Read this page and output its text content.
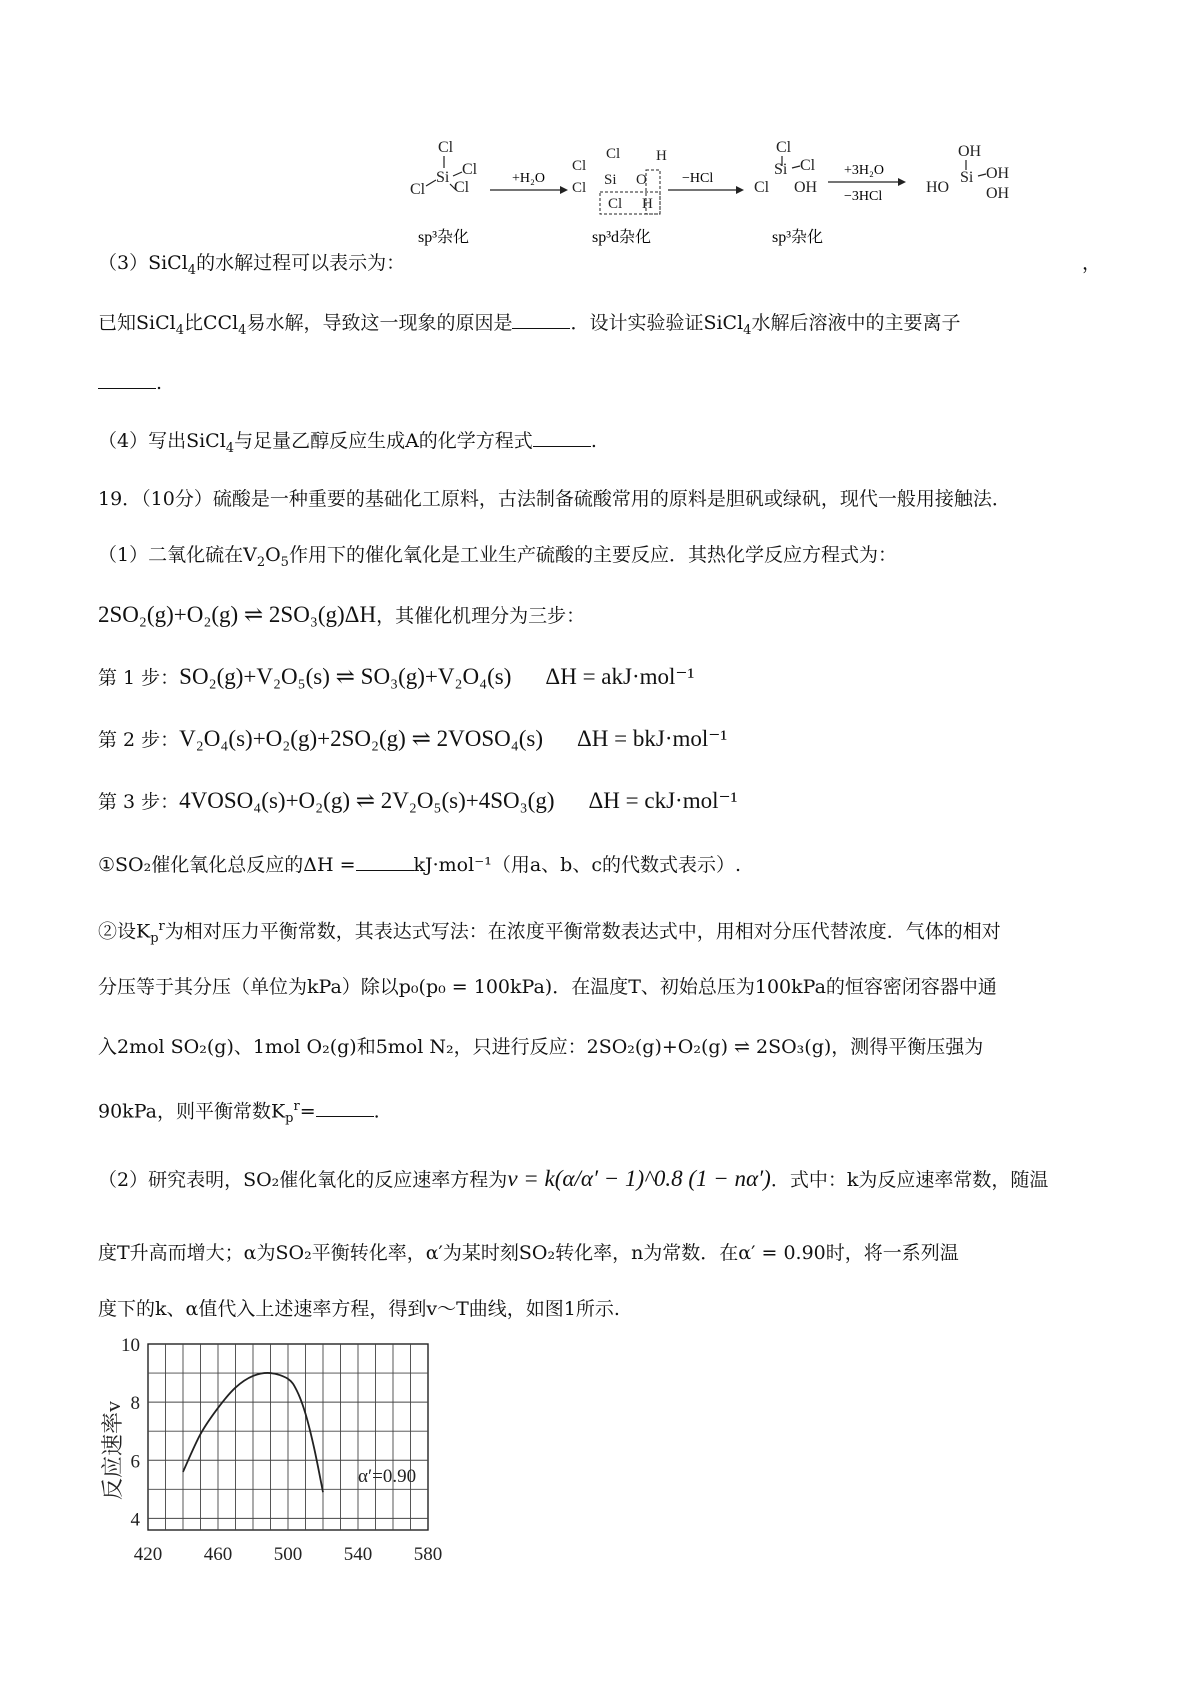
Cl
Si Cl
Cl Cl
+H₂O
Cl
Cl
Cl Si O
H
Cl H
−HCl
Cl
Si Cl
Cl OH
+3H₂O
−3HCl
OH
Si OH
HO OH
sp³杂化	sp³d杂化	sp³杂化
（3）SiCl$_4$的水解过程可以表示为：	，
已知SiCl$_4$比CCl$_4$易水解，导致这一现象的原因是	．设计实验验证SiCl$_4$水解后溶液中的主要离子
.
（4）写出SiCl$_4$与足量乙醇反应生成A的化学方程式	.
19．（10分）硫酸是一种重要的基础化工原料，古法制备硫酸常用的原料是胆矾或绿矾，现代一般用接触法．
（1）二氧化硫在$V_2O_5$作用下的催化氧化是工业生产硫酸的主要反应．其热化学反应方程式为：
2SO₂(g)+O₂(g) ⇌ 2SO₃(g)ΔH，其催化机理分为三步：
第 1 步：SO₂(g)+V₂O₅(s) ⇌ SO₃(g)+V₂O₄(s) ΔH = akJ·mol⁻¹
第 2 步：V₂O₄(s)+O₂(g)+2SO₂(g) ⇌ 2VOSO₄(s) ΔH = bkJ·mol⁻¹
第 3 步：4VOSO₄(s)+O₂(g) ⇌ 2V₂O₅(s)+4SO₃(g) ΔH = ckJ·mol⁻¹
①SO₂催化氧化总反应的ΔH =	kJ·mol⁻¹（用a、b、c的代数式表示）.
②设$K_p^r$为相对压力平衡常数，其表达式写法：在浓度平衡常数表达式中，用相对分压代替浓度．气体的相对
分压等于其分压（单位为kPa）除以p₀(p₀ = 100kPa)．在温度T、初始总压为100kPa的恒容密闭容器中通
入2mol SO₂(g)、1mol O₂(g)和5mol N₂，只进行反应：2SO₂(g)+O₂(g) ⇌ 2SO₃(g)，测得平衡压强为
90kPa，则平衡常数$K_p^r=$	.
（2）研究表明，SO₂催化氧化的反应速率方程为v = k(α/α′ − 1)^0.8 (1 − nα′)．式中：k为反应速率常数，随温
度T升高而增大；α为SO₂平衡转化率，α′为某时刻SO₂转化率，n为常数．在α′ = 0.90时，将一系列温
度下的k、α值代入上述速率方程，得到v～T曲线，如图1所示.
420 460 500 540 580
4
6
8
10
反应速率v	α′=0.90
